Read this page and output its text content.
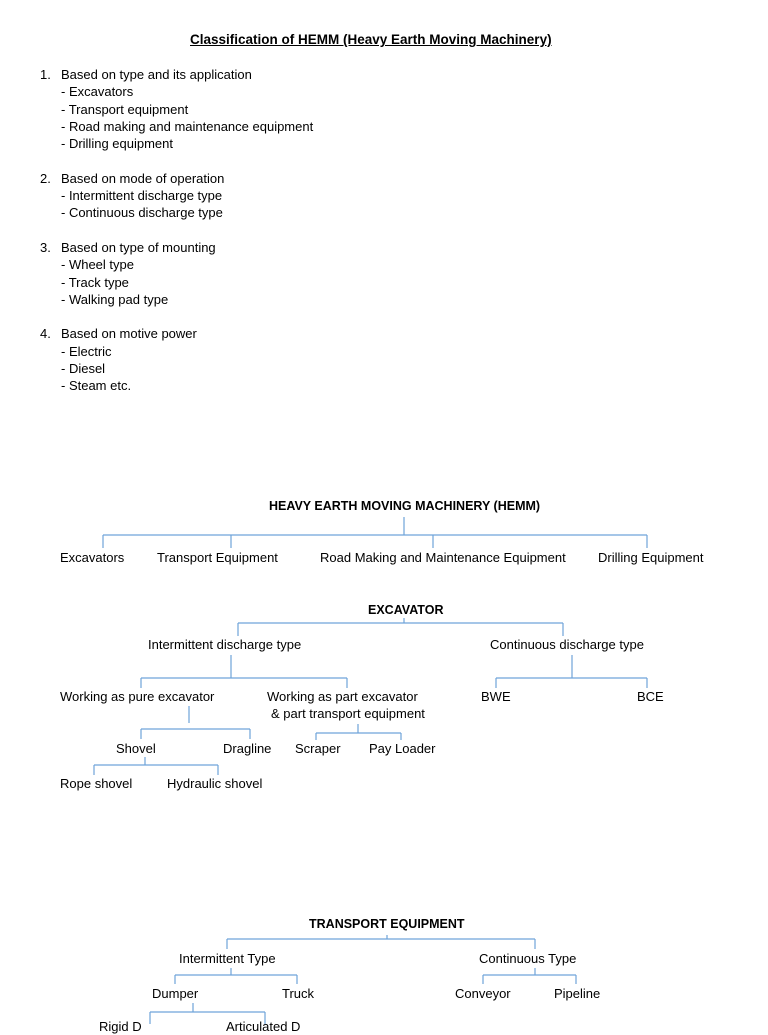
Classification of HEMM (Heavy Earth Moving Machinery)
1. Based on type and its application
- Excavators
- Transport equipment
- Road making and maintenance equipment
- Drilling equipment
2. Based on mode of operation
- Intermittent discharge type
- Continuous discharge type
3. Based on type of mounting
- Wheel type
- Track type
- Walking pad type
4. Based on motive power
- Electric
- Diesel
- Steam etc.
HEAVY EARTH MOVING MACHINERY (HEMM)
Excavators	Transport Equipment	Road Making and Maintenance Equipment Drilling Equipment
EXCAVATOR
Intermittent discharge type	Continuous discharge type
Working as pure excavator	Working as part excavator
& part transport equipment
BWE	BCE
Shovel	Dragline Scraper Pay Loader
Rope shovel	Hydraulic shovel
TRANSPORT EQUIPMENT
Intermittent Type	Continuous Type
Dumper	Truck	Conveyor	Pipeline
Rigid D	Articulated D
